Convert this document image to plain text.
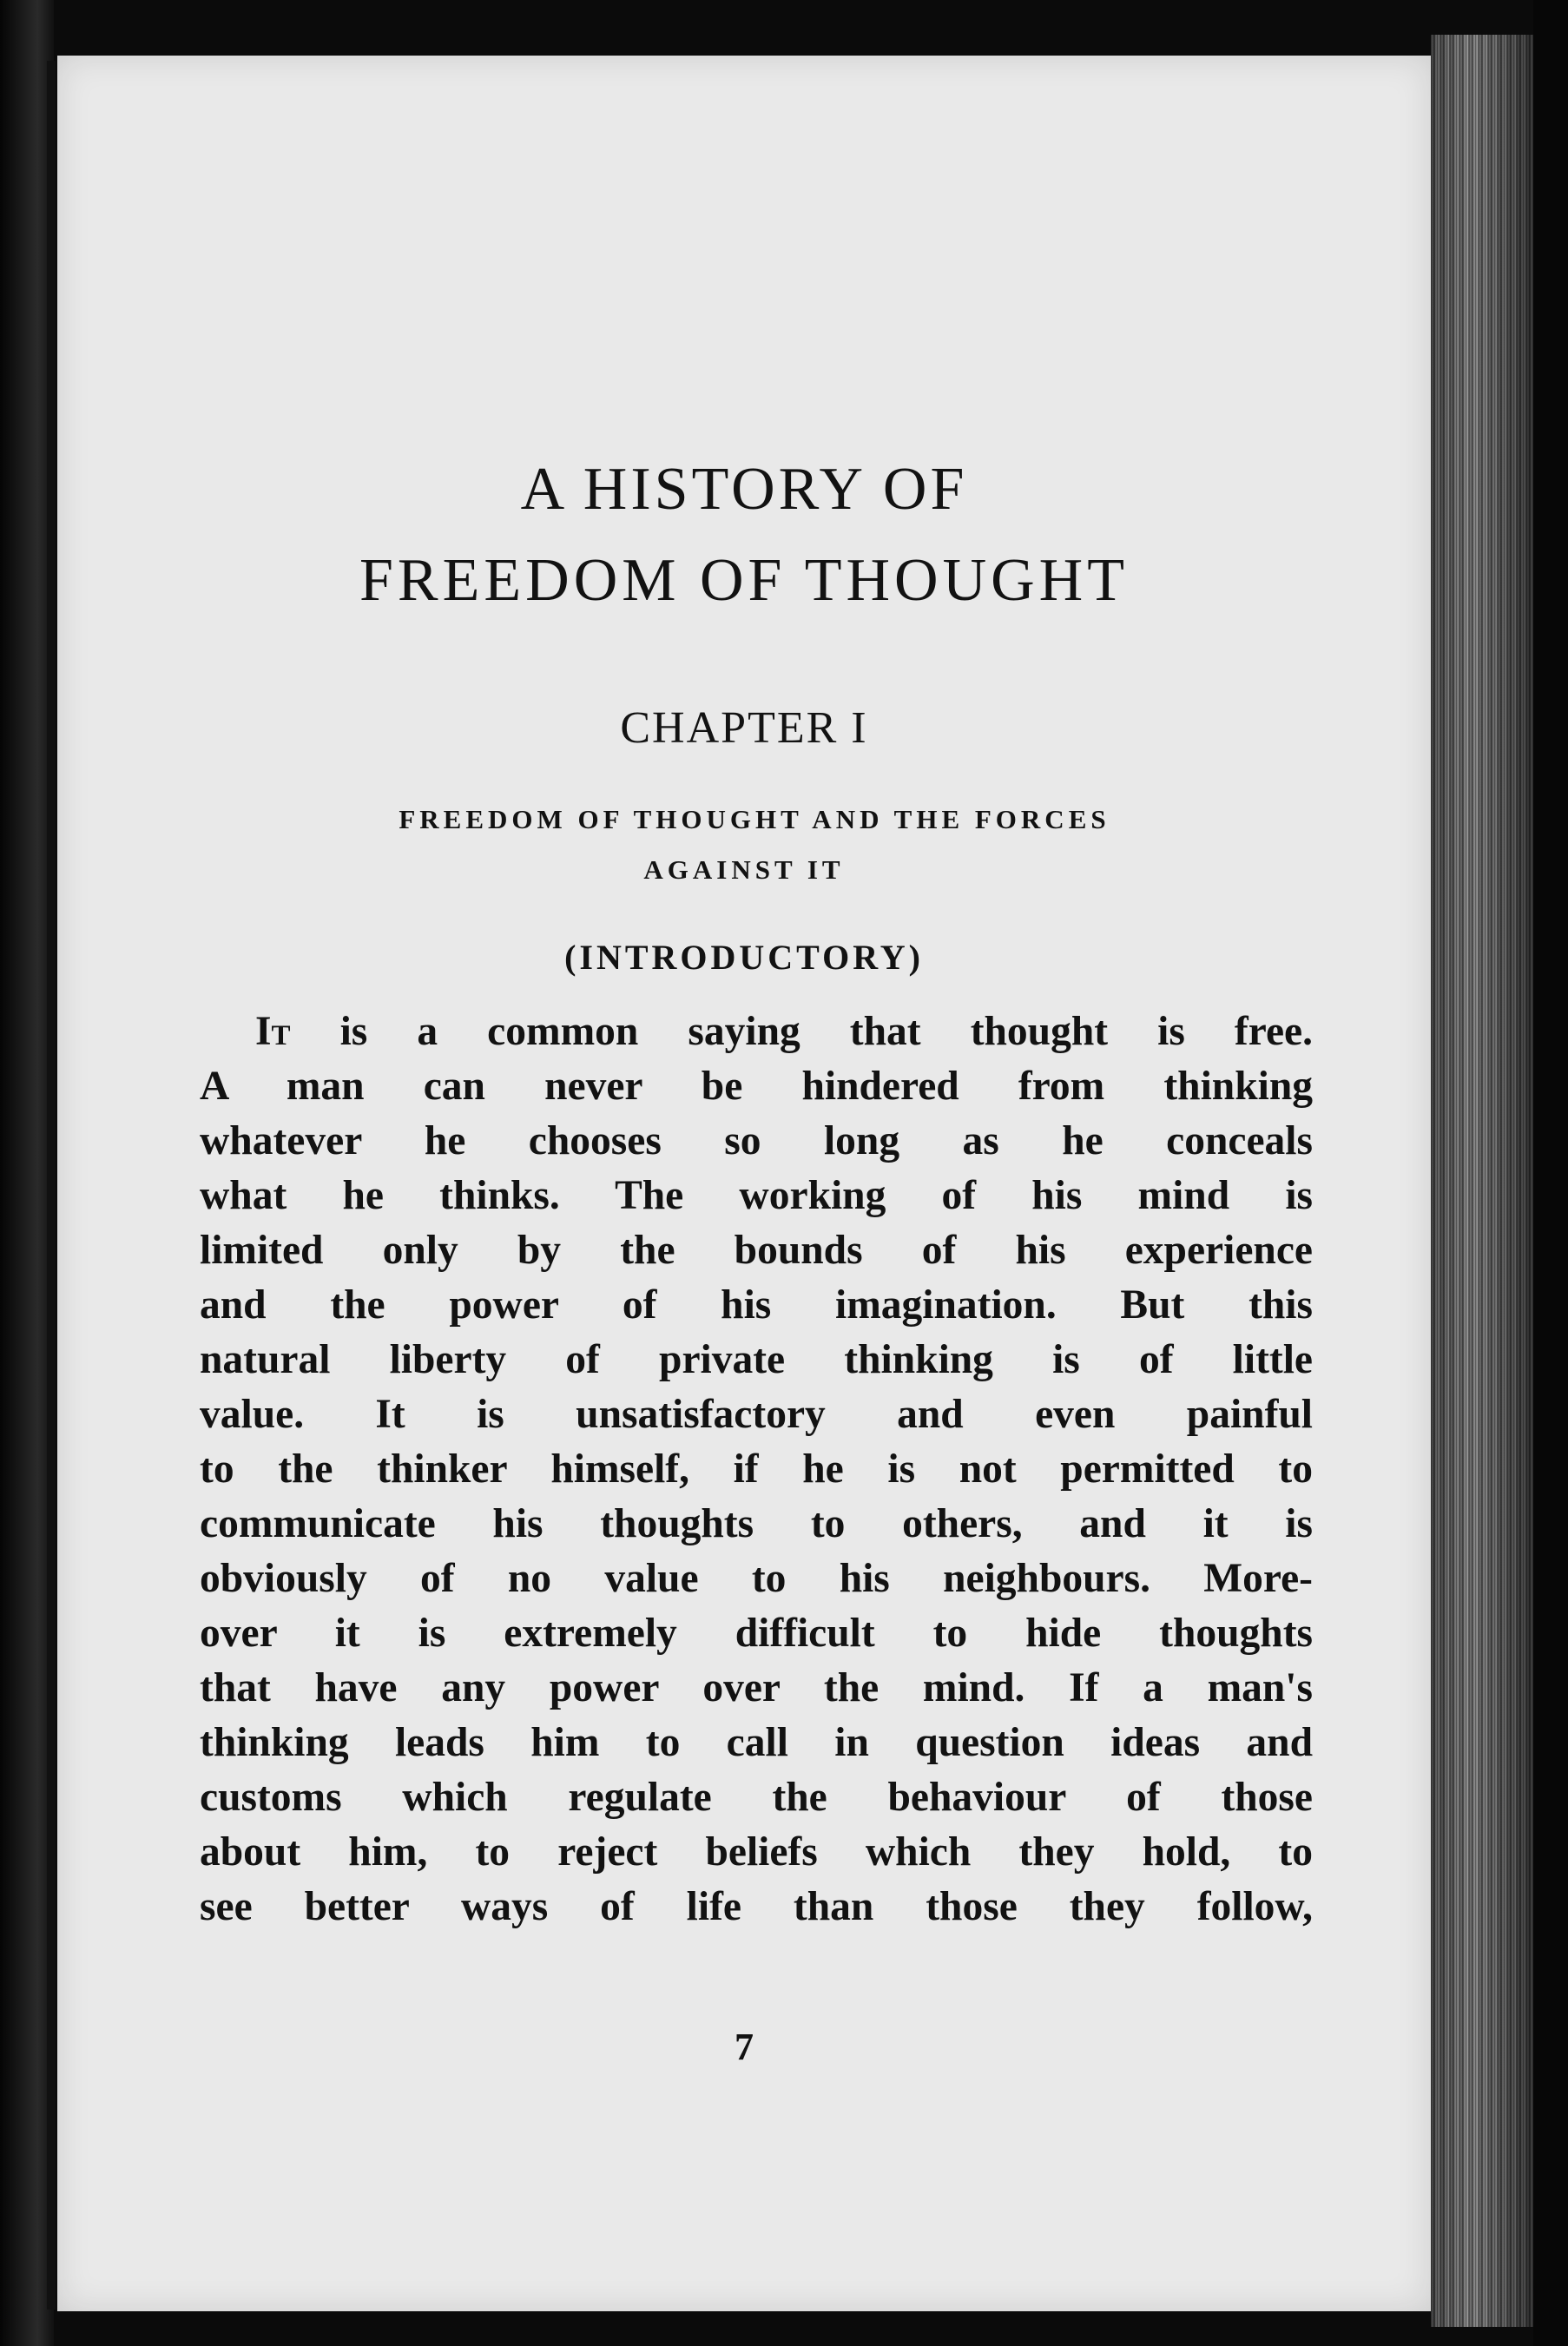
A HISTORY OF
FREEDOM OF THOUGHT
CHAPTER I
FREEDOM OF THOUGHT AND THE FORCES
AGAINST IT
(INTRODUCTORY)
It is a common saying that thought is free.
A man can never be hindered from thinking
whatever he chooses so long as he conceals
what he thinks. The working of his mind is
limited only by the bounds of his experience
and the power of his imagination. But this
natural liberty of private thinking is of little
value. It is unsatisfactory and even painful
to the thinker himself, if he is not permitted to
communicate his thoughts to others, and it is
obviously of no value to his neighbours. More-
over it is extremely difficult to hide thoughts
that have any power over the mind. If a man's
thinking leads him to call in question ideas and
customs which regulate the behaviour of those
about him, to reject beliefs which they hold, to
see better ways of life than those they follow,
7
